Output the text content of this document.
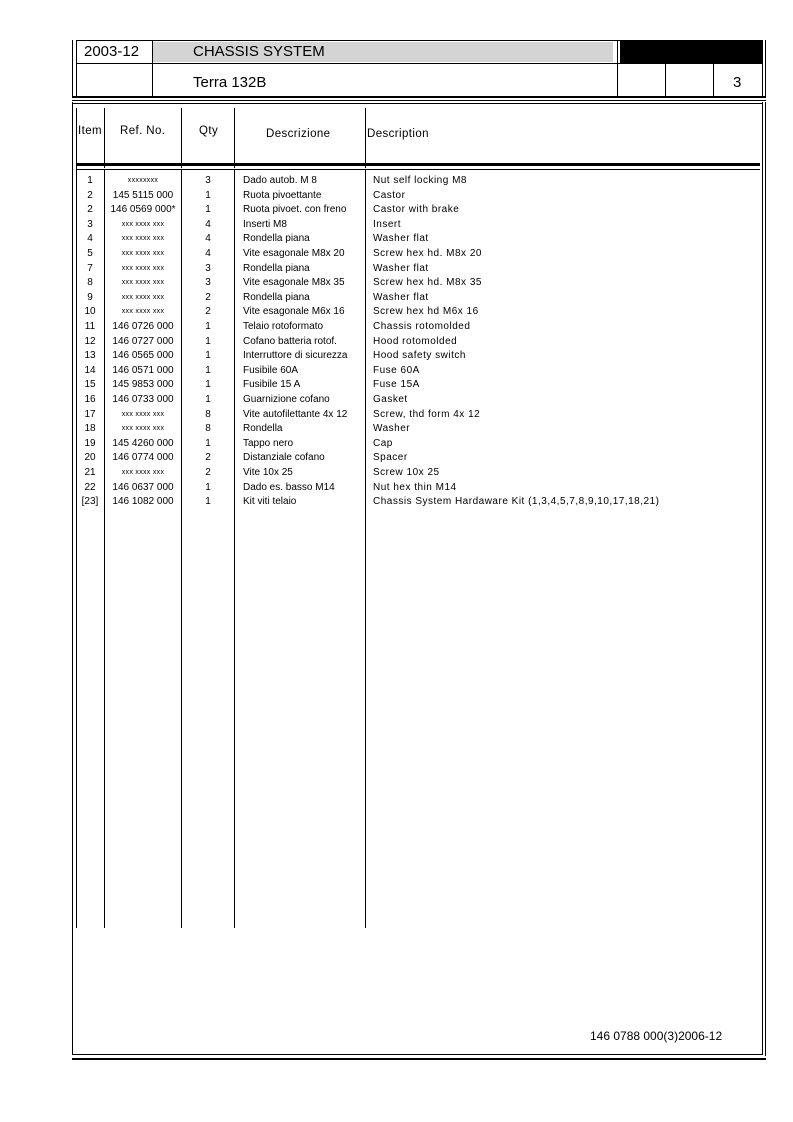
2003-12	CHASSIS SYSTEM
Terra 132B	3
Item Ref. No.	Qty	Descrizione	Description
1	xxxxxxxx	3	Dado autob. M 8	Nut self locking M8
2	145 5115 000	1	Ruota pivoettante	Castor
2	146 0569 000*	1	Ruota pivoet. con freno	Castor with brake
3	xxx xxxx xxx	4	Inserti M8	Insert
4	xxx xxxx xxx	4	Rondella piana	Washer flat
5	xxx xxxx xxx	4	Vite esagonale M8x 20	Screw hex hd. M8x 20
7	xxx xxxx xxx	3	Rondella piana	Washer flat
8	xxx xxxx xxx	3	Vite esagonale M8x 35	Screw hex hd. M8x 35
9	xxx xxxx xxx	2	Rondella piana	Washer flat
10	xxx xxxx xxx	2	Vite esagonale M6x 16	Screw hex hd M6x 16
11	146 0726 000	1	Telaio rotoformato	Chassis rotomolded
12	146 0727 000	1	Cofano batteria rotof.	Hood rotomolded
13	146 0565 000	1	Interruttore di sicurezza	Hood safety switch
14	146 0571 000	1	Fusibile 60A	Fuse 60A
15	145 9853 000	1	Fusibile 15 A	Fuse 15A
16	146 0733 000	1	Guarnizione cofano	Gasket
17	xxx xxxx xxx	8	Vite autofilettante 4x 12	Screw, thd form 4x 12
18	xxx xxxx xxx	8	Rondella	Washer
19	145 4260 000	1	Tappo nero	Cap
20	146 0774 000	2	Distanziale cofano	Spacer
21	xxx xxxx xxx	2	Vite 10x 25	Screw 10x 25
22	146 0637 000	1	Dado es. basso M14	Nut hex thin M14
[23]	146 1082 000	1	Kit viti telaio	Chassis System Hardaware Kit (1,3,4,5,7,8,9,10,17,18,21)
146 0788 000(3)2006-12
